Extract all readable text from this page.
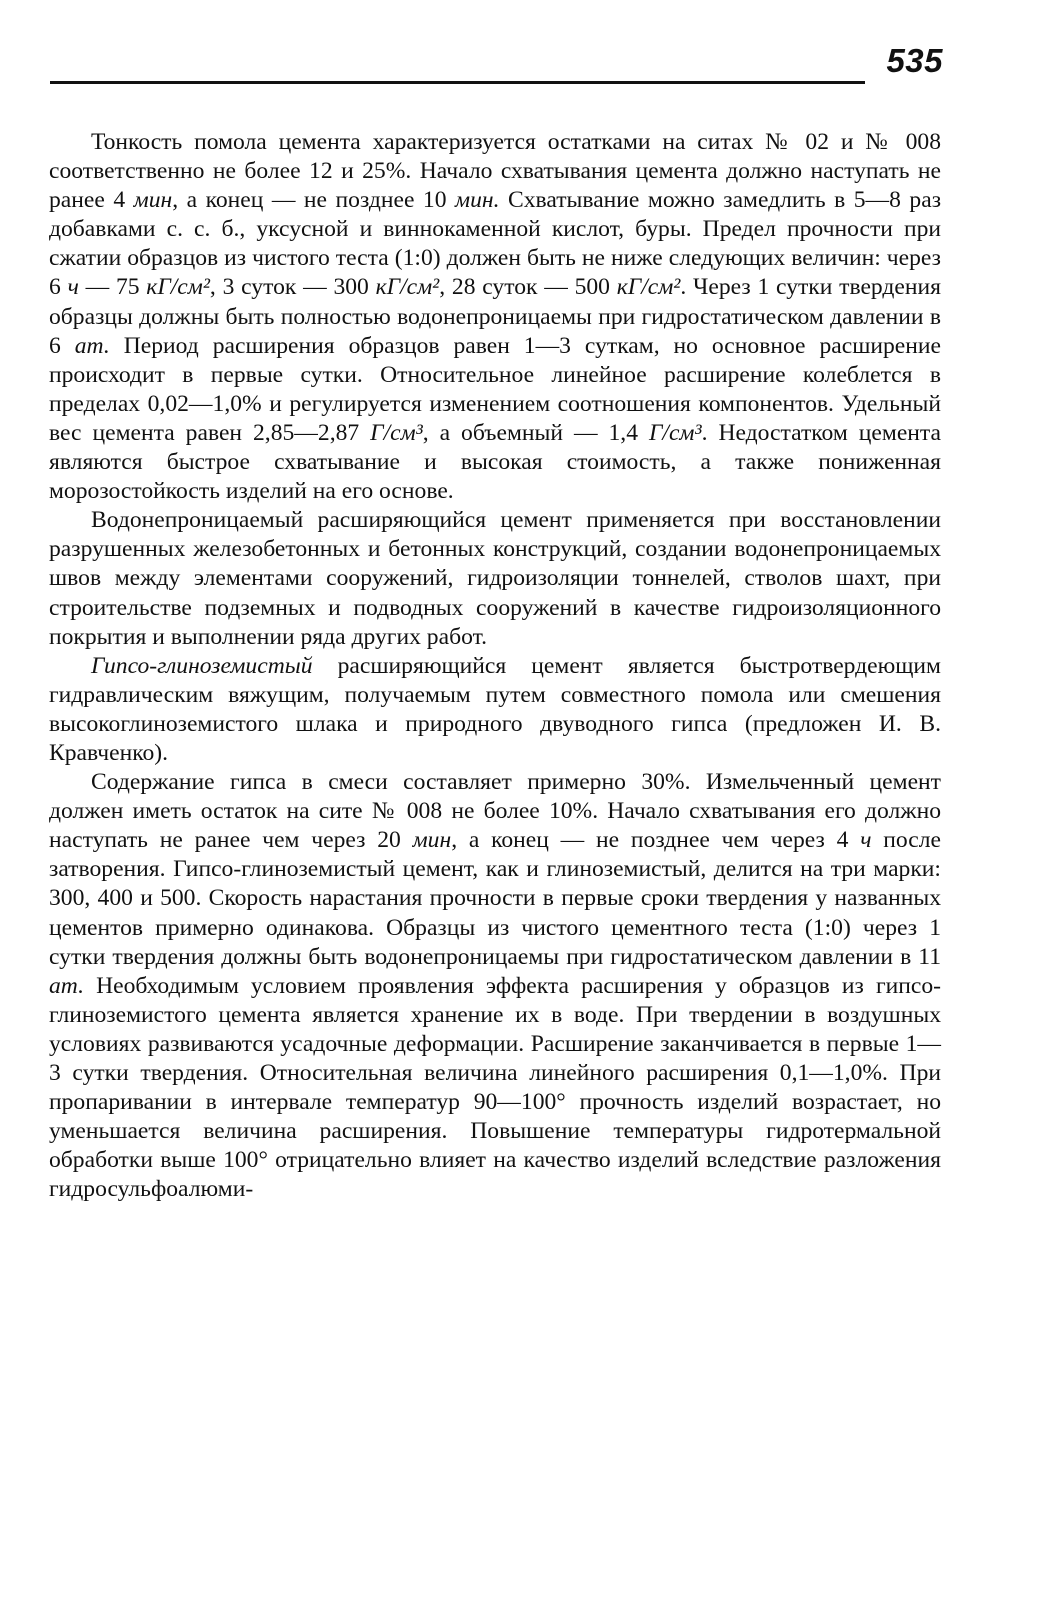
535

Тонкость помола цемента характеризуется остатками на ситах № 02 и № 008 соответственно не более 12 и 25%. Начало схватывания цемента должно наступать не ранее 4 мин, а конец — не позднее 10 мин. Схватывание можно замедлить в 5—8 раз добавками с. с. б., уксусной и виннокаменной кислот, буры. Предел прочности при сжатии образцов из чистого теста (1:0) должен быть не ниже следующих величин: через 6 ч — 75 кГ/см², 3 суток — 300 кГ/см², 28 суток — 500 кГ/см². Через 1 сутки твердения образцы должны быть полностью водонепроницаемы при гидростатическом давлении в 6 ат. Период расширения образцов равен 1—3 суткам, но основное расширение происходит в первые сутки. Относительное линейное расширение колеблется в пределах 0,02—1,0% и регулируется изменением соотношения компонентов. Удельный вес цемента равен 2,85—2,87 Г/см³, а объемный — 1,4 Г/см³. Недостатком цемента являются быстрое схватывание и высокая стоимость, а также пониженная морозостойкость изделий на его основе.

Водонепроницаемый расширяющийся цемент применяется при восстановлении разрушенных железобетонных и бетонных конструкций, создании водонепроницаемых швов между элементами сооружений, гидроизоляции тоннелей, стволов шахт, при строительстве подземных и подводных сооружений в качестве гидроизоляционного покрытия и выполнении ряда других работ.

Гипсо-глиноземистый расширяющийся цемент является быстротвердеющим гидравлическим вяжущим, получаемым путем совместного помола или смешения высокоглиноземистого шлака и природного двуводного гипса (предложен И. В. Кравченко).

Содержание гипса в смеси составляет примерно 30%. Измельченный цемент должен иметь остаток на сите № 008 не более 10%. Начало схватывания его должно наступать не ранее чем через 20 мин, а конец — не позднее чем через 4 ч после затворения. Гипсо-глиноземистый цемент, как и глиноземистый, делится на три марки: 300, 400 и 500. Скорость нарастания прочности в первые сроки твердения у названных цементов примерно одинакова. Образцы из чистого цементного теста (1:0) через 1 сутки твердения должны быть водонепроницаемы при гидростатическом давлении в 11 ат. Необходимым условием проявления эффекта расширения у образцов из гипсо-глиноземистого цемента является хранение их в воде. При твердении в воздушных условиях развиваются усадочные деформации. Расширение заканчивается в первые 1—3 сутки твердения. Относительная величина линейного расширения 0,1—1,0%. При пропаривании в интервале температур 90—100° прочность изделий возрастает, но уменьшается величина расширения. Повышение температуры гидротермальной обработки выше 100° отрицательно влияет на качество изделий вследствие разложения гидросульфоалюми-
